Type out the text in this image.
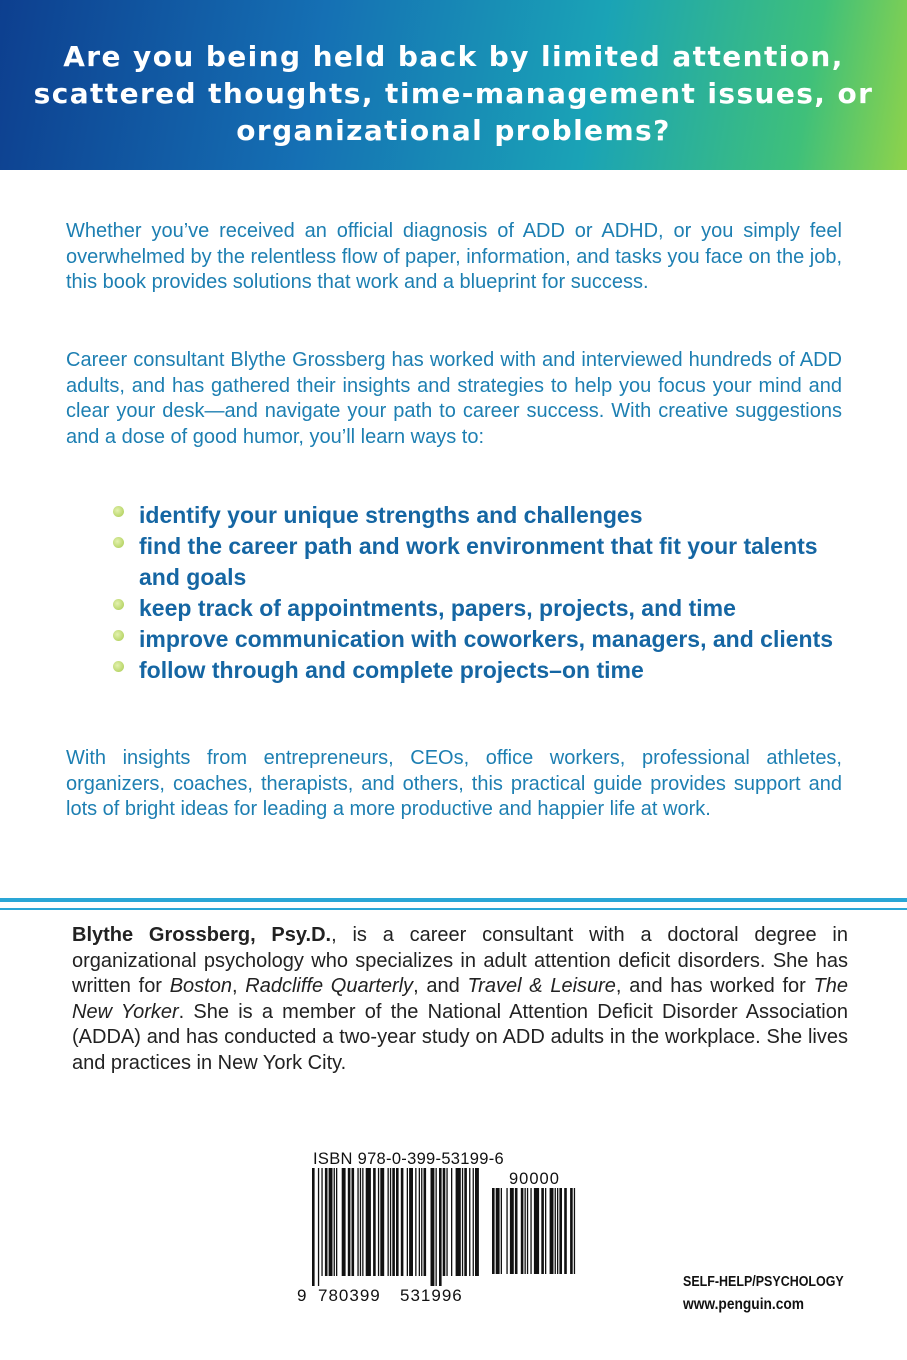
Are you being held back by limited attention, scattered thoughts, time-management issues, or organizational problems?

Whether you’ve received an official diagnosis of ADD or ADHD, or you simply feel overwhelmed by the relentless flow of paper, information, and tasks you face on the job, this book provides solutions that work and a blueprint for success.

Career consultant Blythe Grossberg has worked with and interviewed hundreds of ADD adults, and has gathered their insights and strategies to help you focus your mind and clear your desk—and navigate your path to career success. With creative suggestions and a dose of good humor, you’ll learn ways to:

identify your unique strengths and challenges
find the career path and work environment that fit your talents and goals
keep track of appointments, papers, projects, and time
improve communication with coworkers, managers, and clients
follow through and complete projects–on time

With insights from entrepreneurs, CEOs, office workers, professional athletes, organizers, coaches, therapists, and others, this practical guide provides support and lots of bright ideas for leading a more productive and happier life at work.

Blythe Grossberg, Psy.D., is a career consultant with a doctoral degree in organizational psychology who specializes in adult attention deficit disorders. She has written for Boston, Radcliffe Quarterly, and Travel & Leisure, and has worked for The New Yorker. She is a member of the National Attention Deficit Disorder Association (ADDA) and has conducted a two-year study on ADD adults in the workplace. She lives and practices in New York City.

ISBN 978-0-399-53199-6
90000
9 780399 531996
SELF-HELP/PSYCHOLOGY
www.penguin.com
